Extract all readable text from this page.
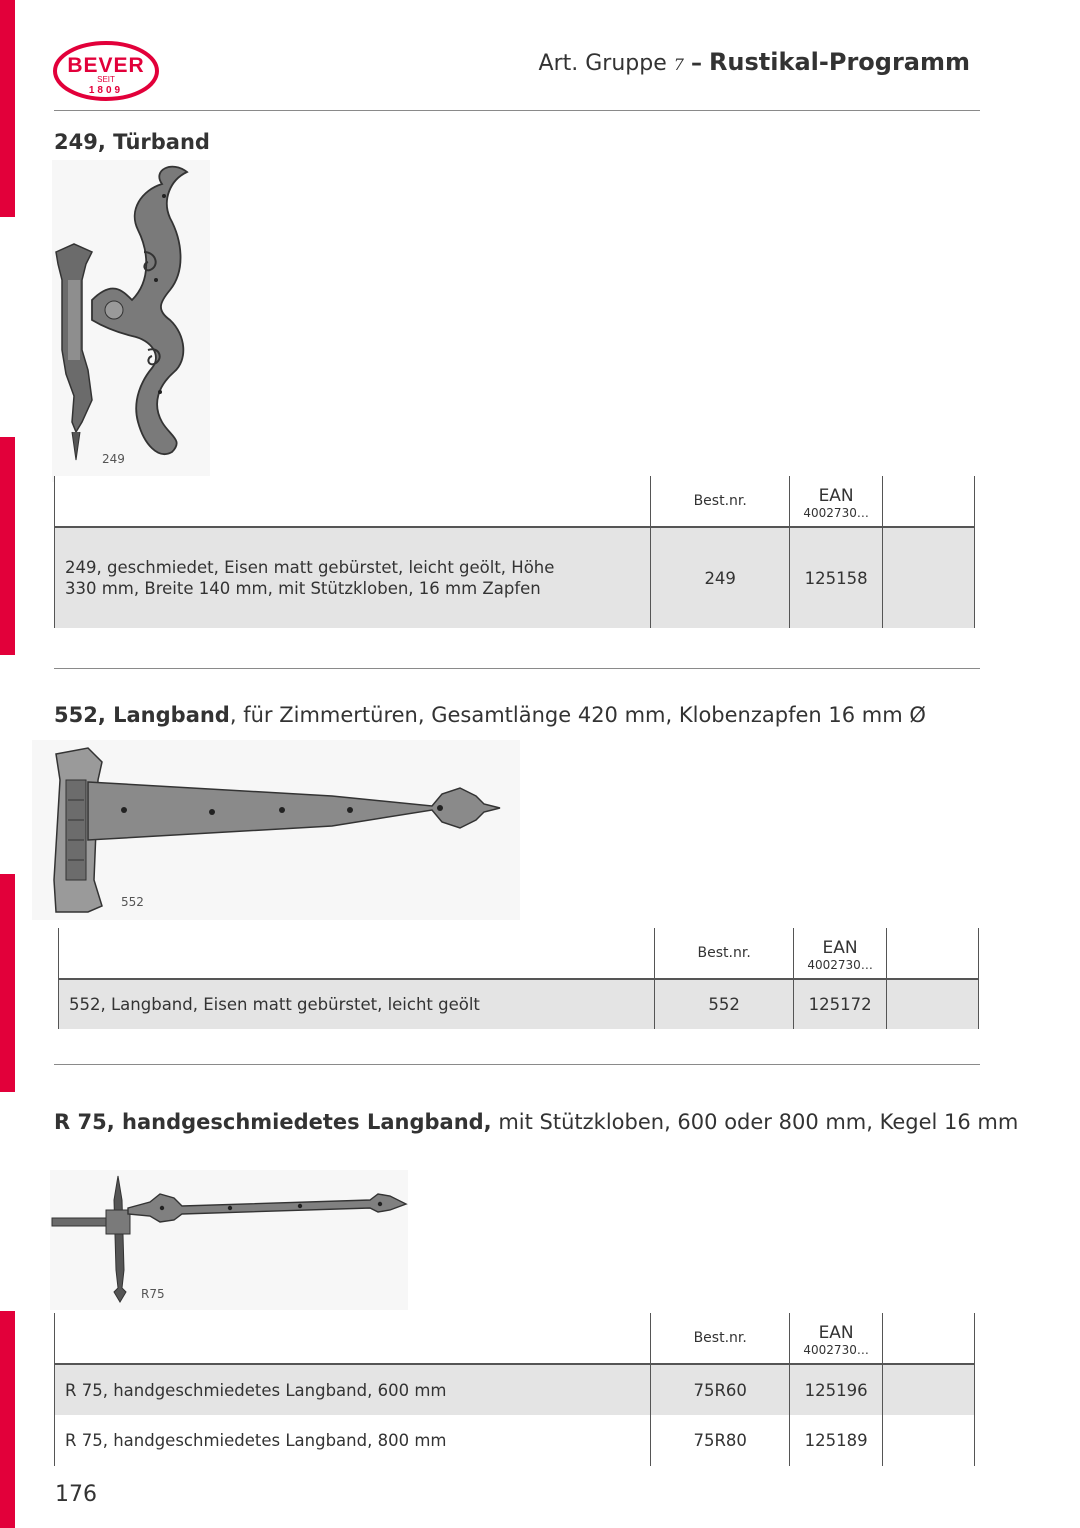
BEVER
SEIT
1809
Art. Gruppe 7 – Rustikal-Programm
249, Türband
249
	Best.nr.	EAN
4002730…	

249, geschmiedet, Eisen matt gebürstet, leicht geölt, Höhe 330 mm, Breite 140 mm, mit Stützkloben, 16 mm Zapfen	249	125158	
552, Langband, für Zimmertüren, Gesamtlänge 420 mm, Klobenzapfen 16 mm Ø
552
	Best.nr.	EAN
4002730…	

552, Langband, Eisen matt gebürstet, leicht geölt	552	125172	
R 75, handgeschmiedetes Langband, mit Stützkloben, 600 oder 800 mm, Kegel 16 mm
R75
	Best.nr.	EAN
4002730…	

R 75, handgeschmiedetes Langband, 600 mm	75R60	125196	
R 75, handgeschmiedetes Langband, 800 mm	75R80	125189	
176
